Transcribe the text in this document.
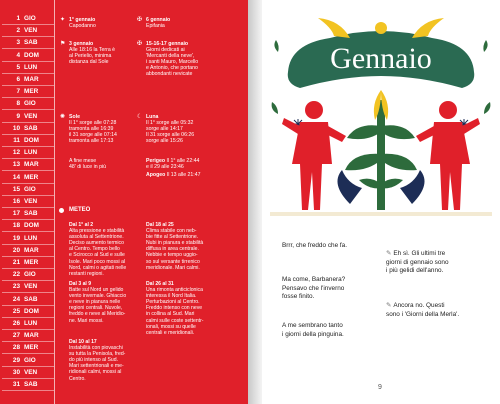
1 GIO
2 VEN
3 SAB
4 DOM
5 LUN
6 MAR
7 MER
8 GIO
9 VEN
10 SAB
11 DOM
12 LUN
13 MAR
14 MER
15 GIO
16 VEN
17 SAB
18 DOM
19 LUN
20 MAR
21 MER
22 GIO
23 VEN
24 SAB
25 DOM
26 LUN
27 MAR
28 MER
29 GIO
30 VEN
31 SAB
✦ 1° gennaio
Capodanno
✠ 6 gennaio
Epifania
⚑ 3 gennaio
Alle 18:16 la Terra è
al Perielio, minima
distanza dal Sole
✠ 15-16-17 gennaio
Giorni dedicati ai
'Mercanti della neve',
i santi Mauro, Marcello
e Antonio, che portano
abbondanti nevicate
✺ Sole
Il 1° sorge alle 07:28
tramonta alle 16:39
il 31 sorge alle 07:14
tramonta alle 17:13
A fine mese
48' di luce in più
☾ Luna
Il 1° sorge alle 05:32
sorge alle 14:17
Il 31 sorge alle 06:26
sorge alle 15:26
Perigeo Il 1° alle 22:44
e il 29 alle 23:46
Apogeo Il 13 alle 21:47
METEO
Dal 1° al 2
Alta pressione e stabilità
assoluta al Settentrione.
Deciso aumento termico
al Centro. Tempo bello
e Scirocco al Sud e sulle
Isole. Mari poco mossi al
Nord, calmi o agitati nelle
restanti regioni.
Dal 3 al 9
Batte sul Nord un gelido
vento invernale. Ghiaccio
e neve in pianura nelle
regioni centrali. Nuvole,
freddo e neve al Meridio-
ne. Mari mossi.
Dal 10 al 17
Instabilità con piovaschi
su tutta la Penisola, fred-
do più intenso al Sud.
Mari settentrionali e me-
ridionali calmi, mossi al
Centro.
Dal 18 al 25
Clima stabile con neb-
bie fitte al Settentrione.
Nubi in pianura e stabilità
diffusa in area centrale.
Nebbie e tempo uggio-
so sul versante tirrenico
meridionale. Mari calmi.
Dal 26 al 31
Una rimonta anticiclonica
interessa il Nord Italia.
Perturbazioni al Centro.
Freddo intenso con neve
in collina al Sud. Mari
calmi sulle coste settentr-
ionali, mossi su quelle
centrali e meridionali.
Gennaio

Brrr, che freddo che fa.

✎ Eh sì. Gli ultimi tre
giorni di gennaio sono
i più gelidi dell'anno.

Ma come, Barbanera?
Pensavo che l'inverno
fosse finito.

✎ Ancora no. Questi
sono i 'Giorni della Merla'.

A me sembrano tanto
i giorni della pinguina.

9
